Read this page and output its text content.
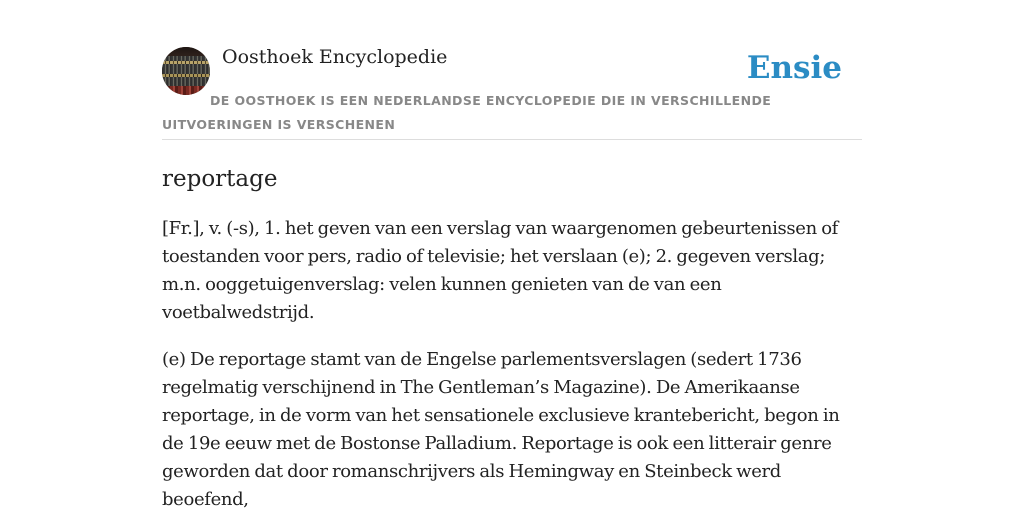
Oosthoek Encyclopedie	Ensie
DE OOSTHOEK IS EEN NEDERLANDSE ENCYCLOPEDIE DIE IN VERSCHILLENDE UITVOERINGEN IS VERSCHENEN
reportage

[Fr.], v. (-s), 1. het geven van een verslag van waargenomen gebeurtenissen of toestanden voor pers, radio of televisie; het verslaan (e); 2. gegeven verslag; m.n. ooggetuigenverslag: velen kunnen genieten van de van een voetbalwedstrijd.

(e) De reportage stamt van de Engelse parlementsverslagen (sedert 1736 regelmatig verschijnend in The Gentleman’s Magazine). De Amerikaanse reportage, in de vorm van het sensationele exclusieve krantebericht, begon in de 19e eeuw met de Bostonse Palladium. Reportage is ook een litterair genre geworden dat door romanschrijvers als Hemingway en Steinbeck werd beoefend,
